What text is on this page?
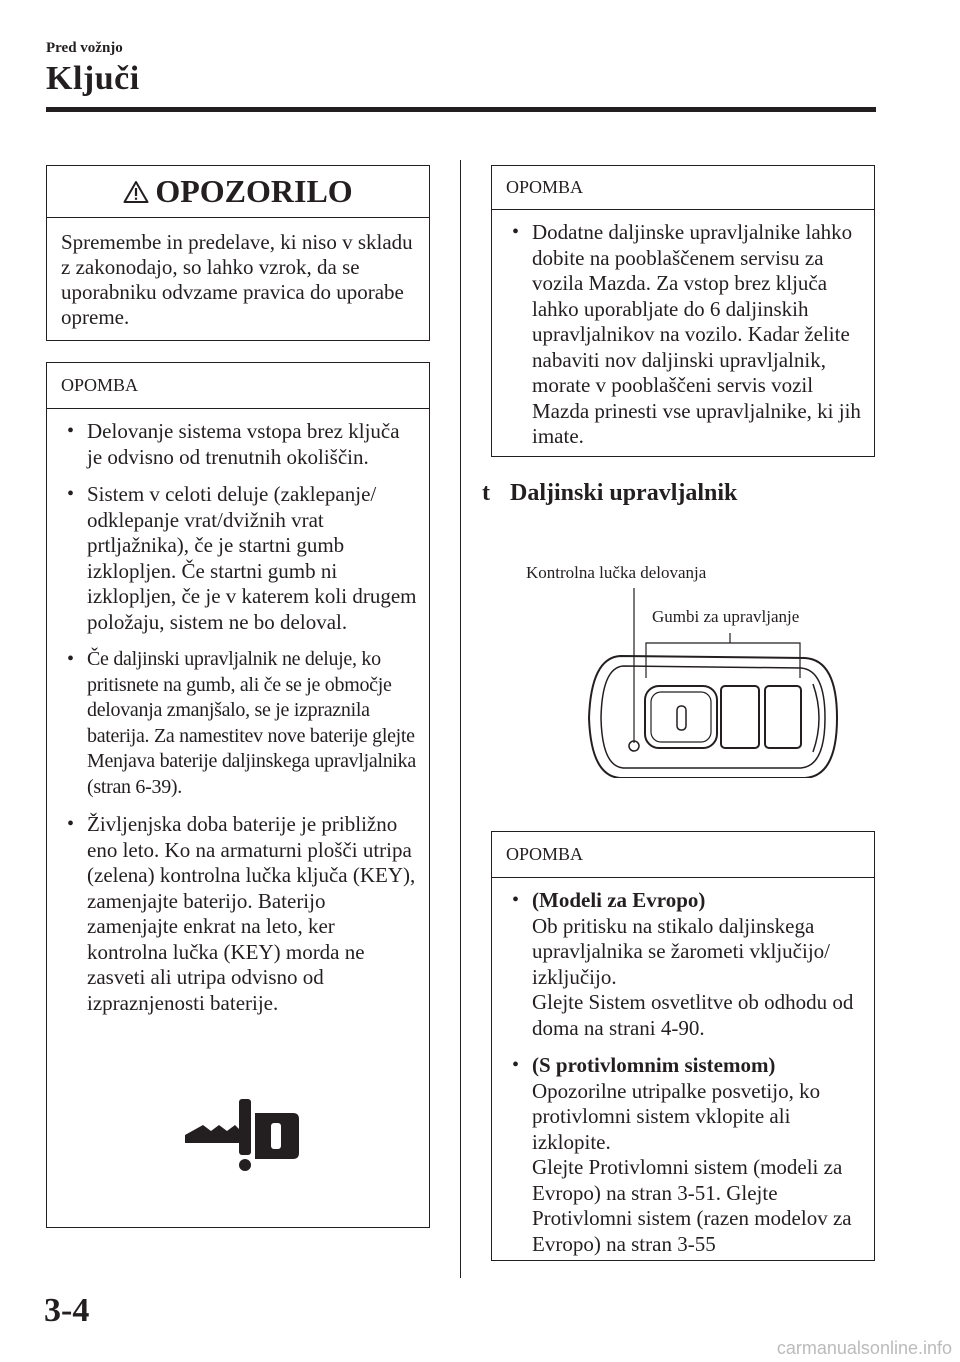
Pred vožnjo
Ključi
OPOZORILO
Spremembe in predelave, ki niso v skladu z zakonodajo, so lahko vzrok, da se uporabniku odvzame pravica do uporabe opreme.
OPOMBA
• Delovanje sistema vstopa brez ključa je odvisno od trenutnih okoliščin.
• Sistem v celoti deluje (zaklepanje/ odklepanje vrat/dvižnih vrat prtljažnika), če je startni gumb izklopljen. Če startni gumb ni izklopljen, če je v katerem koli drugem položaju, sistem ne bo deloval.
• Če daljinski upravljalnik ne deluje, ko pritisnete na gumb, ali če se je območje delovanja zmanjšalo, se je izpraznila baterija. Za namestitev nove baterije glejte Menjava baterije daljinskega upravljalnika (stran 6-39).
• Življenjska doba baterije je približno eno leto. Ko na armaturni plošči utripa (zelena) kontrolna lučka ključa (KEY), zamenjajte baterijo. Baterijo zamenjajte enkrat na leto, ker kontrolna lučka (KEY) morda ne zasveti ali utripa odvisno od izpraznjenosti baterije.
OPOMBA
• Dodatne daljinske upravljalnike lahko dobite na pooblaščenem servisu za vozila Mazda. Za vstop brez ključa lahko uporabljate do 6 daljinskih upravljalnikov na vozilo. Kadar želite nabaviti nov daljinski upravljalnik, morate v pooblaščeni servis vozil Mazda prinesti vse upravljalnike, ki jih imate.
t Daljinski upravljalnik
Kontrolna lučka delovanja
Gumbi za upravljanje
OPOMBA
• (Modeli za Evropo)
Ob pritisku na stikalo daljinskega upravljalnika se žarometi vključijo/ izključijo.
Glejte Sistem osvetlitve ob odhodu od doma na strani 4-90.
• (S protivlomnim sistemom)
Opozorilne utripalke posvetijo, ko protivlomni sistem vklopite ali izklopite.
Glejte Protivlomni sistem (modeli za Evropo) na stran 3-51. Glejte Protivlomni sistem (razen modelov za Evropo) na stran 3-55
3-4
carmanualsonline.info
